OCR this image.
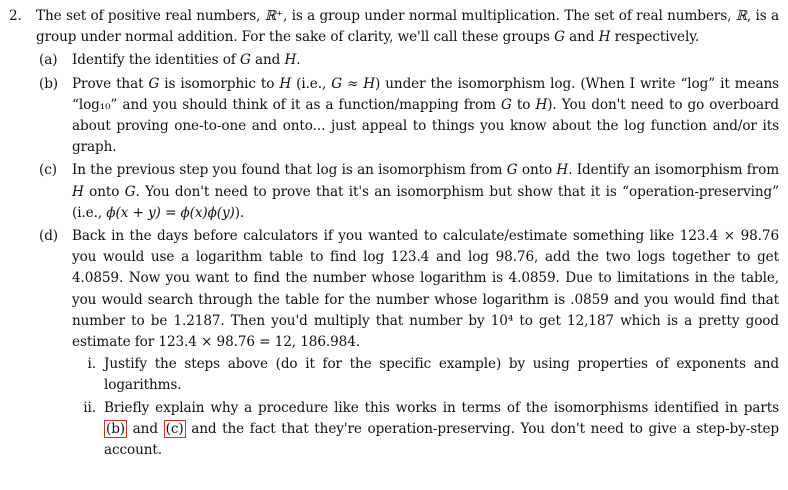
2. The set of positive real numbers, ℝ⁺, is a group under normal multiplication. The set of real numbers, ℝ, is a group under normal addition. For the sake of clarity, we'll call these groups G and H respectively.

(a) Identify the identities of G and H.
(b) Prove that G is isomorphic to H (i.e., G ≈ H) under the isomorphism log. (When I write “log” it means “log₁₀” and you should think of it as a function/mapping from G to H). You don't need to go overboard about proving one-to-one and onto... just appeal to things you know about the log function and/or its graph.
(c) In the previous step you found that log is an isomorphism from G onto H. Identify an isomorphism from H onto G. You don't need to prove that it's an isomorphism but show that it is “operation-preserving” (i.e., ϕ(x + y) = ϕ(x)ϕ(y)).
(d) Back in the days before calculators if you wanted to calculate/estimate something like 123.4 × 98.76 you would use a logarithm table to find log 123.4 and log 98.76, add the two logs together to get 4.0859. Now you want to find the number whose logarithm is 4.0859. Due to limitations in the table, you would search through the table for the number whose logarithm is .0859 and you would find that number to be 1.2187. Then you'd multiply that number by 10⁴ to get 12,187 which is a pretty good estimate for 123.4 × 98.76 = 12, 186.984.
i. Justify the steps above (do it for the specific example) by using properties of exponents and logarithms.
ii. Briefly explain why a procedure like this works in terms of the isomorphisms identified in parts (b) and (c) and the fact that they're operation-preserving. You don't need to give a step-by-step account.
